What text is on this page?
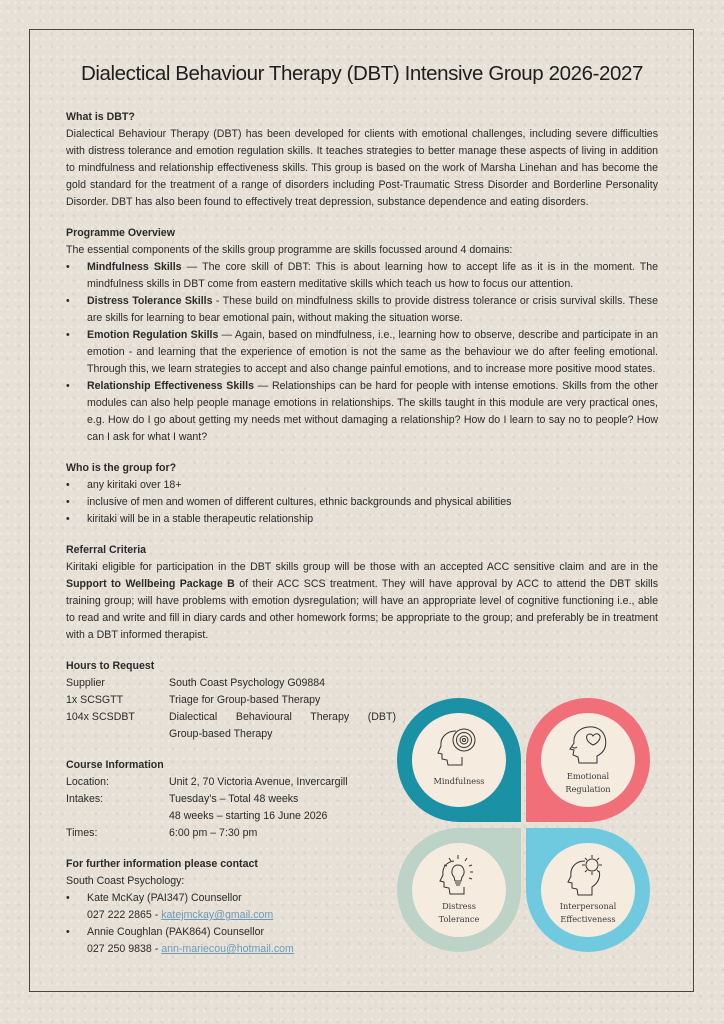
Dialectical Behaviour Therapy (DBT) Intensive Group 2026-2027
What is DBT?
Dialectical Behaviour Therapy (DBT) has been developed for clients with emotional challenges, including severe difficulties with distress tolerance and emotion regulation skills. It teaches strategies to better manage these aspects of living in addition to mindfulness and relationship effectiveness skills. This group is based on the work of Marsha Linehan and has become the gold standard for the treatment of a range of disorders including Post-Traumatic Stress Disorder and Borderline Personality Disorder. DBT has also been found to effectively treat depression, substance dependence and eating disorders.
Programme Overview
The essential components of the skills group programme are skills focussed around 4 domains:
• Mindfulness Skills — The core skill of DBT: This is about learning how to accept life as it is in the moment. The mindfulness skills in DBT come from eastern meditative skills which teach us how to focus our attention.
• Distress Tolerance Skills - These build on mindfulness skills to provide distress tolerance or crisis survival skills. These are skills for learning to bear emotional pain, without making the situation worse.
• Emotion Regulation Skills — Again, based on mindfulness, i.e., learning how to observe, describe and participate in an emotion - and learning that the experience of emotion is not the same as the behaviour we do after feeling emotional. Through this, we learn strategies to accept and also change painful emotions, and to increase more positive mood states.
• Relationship Effectiveness Skills — Relationships can be hard for people with intense emotions. Skills from the other modules can also help people manage emotions in relationships. The skills taught in this module are very practical ones, e.g. How do I go about getting my needs met without damaging a relationship? How do I learn to say no to people? How can I ask for what I want?
Who is the group for?
• any kiritaki over 18+
• inclusive of men and women of different cultures, ethnic backgrounds and physical abilities
• kiritaki will be in a stable therapeutic relationship
Referral Criteria
Kiritaki eligible for participation in the DBT skills group will be those with an accepted ACC sensitive claim and are in the Support to Wellbeing Package B of their ACC SCS treatment. They will have approval by ACC to attend the DBT skills training group; will have problems with emotion dysregulation; will have an appropriate level of cognitive functioning i.e., able to read and write and fill in diary cards and other homework forms; be appropriate to the group; and preferably be in treatment with a DBT informed therapist.
Hours to Request
Supplier	South Coast Psychology G09884
1x SCSGTT	Triage for Group-based Therapy
104x SCSDBT	Dialectical Behavioural Therapy (DBT)
Group-based Therapy
Course Information
Location:	Unit 2, 70 Victoria Avenue, Invercargill
Intakes:	Tuesday’s – Total 48 weeks
48 weeks – starting 16 June 2026
Times:	6:00 pm – 7:30 pm
For further information please contact
South Coast Psychology:
• Kate McKay (PAI347) Counsellor
027 222 2865 - katejmckay@gmail.com
• Annie Coughlan (PAK864) Counsellor
027 250 9838 - ann-mariecou@hotmail.com
Mindfulness	Emotional
Regulation
Distress
Tolerance
Interpersonal
Effectiveness
